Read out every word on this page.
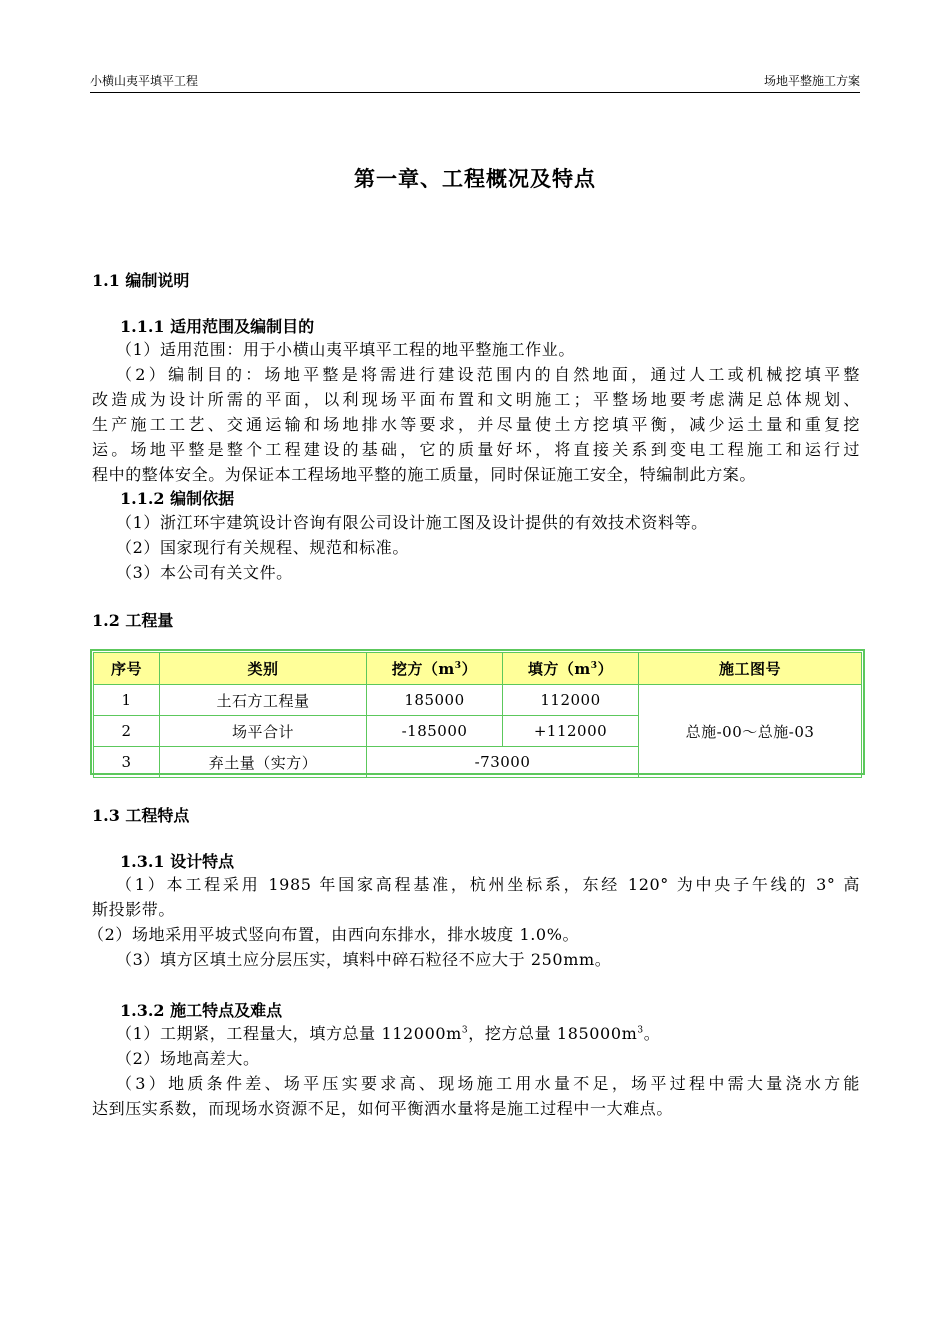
小横山夷平填平工程	场地平整施工方案
第一章、工程概况及特点
1.1 编制说明
1.1.1 适用范围及编制目的
（1）适用范围：用于小横山夷平填平工程的地平整施工作业。
（2）编制目的：场地平整是将需进行建设范围内的自然地面，通过人工或机械挖填平整
改造成为设计所需的平面，以利现场平面布置和文明施工；平整场地要考虑满足总体规划、
生产施工工艺、交通运输和场地排水等要求，并尽量使土方挖填平衡，减少运土量和重复挖
运。场地平整是整个工程建设的基础，它的质量好坏，将直接关系到变电工程施工和运行过
程中的整体安全。为保证本工程场地平整的施工质量，同时保证施工安全，特编制此方案。
1.1.2 编制依据
（1）浙江环宇建筑设计咨询有限公司设计施工图及设计提供的有效技术资料等。
（2）国家现行有关规程、规范和标准。
（3）本公司有关文件。
1.2 工程量
序号	类别	挖方$(m^3)$	填方$(m^3)$	施工图号
1	土石方工程量	185000	112000	总施-00～总施-03
2	场平合计	-185000	+112000	
3	弃土量（实方）	-73000		
1.3 工程特点
1.3.1 设计特点
（1）本工程采用 1985 年国家高程基准，杭州坐标系，东经 120° 为中央子午线的 3° 高
斯投影带。
（2）场地采用平坡式竖向布置，由西向东排水，排水坡度 1.0%。
（3）填方区填土应分层压实，填料中碎石粒径不应大于 250mm。
1.3.2 施工特点及难点
（1）工期紧，工程量大，填方总量 $112000m^3$，挖方总量 $185000m^3$。
（2）场地高差大。
（3）地质条件差、场平压实要求高、现场施工用水量不足，场平过程中需大量浇水方能
达到压实系数，而现场水资源不足，如何平衡洒水量将是施工过程中一大难点。
